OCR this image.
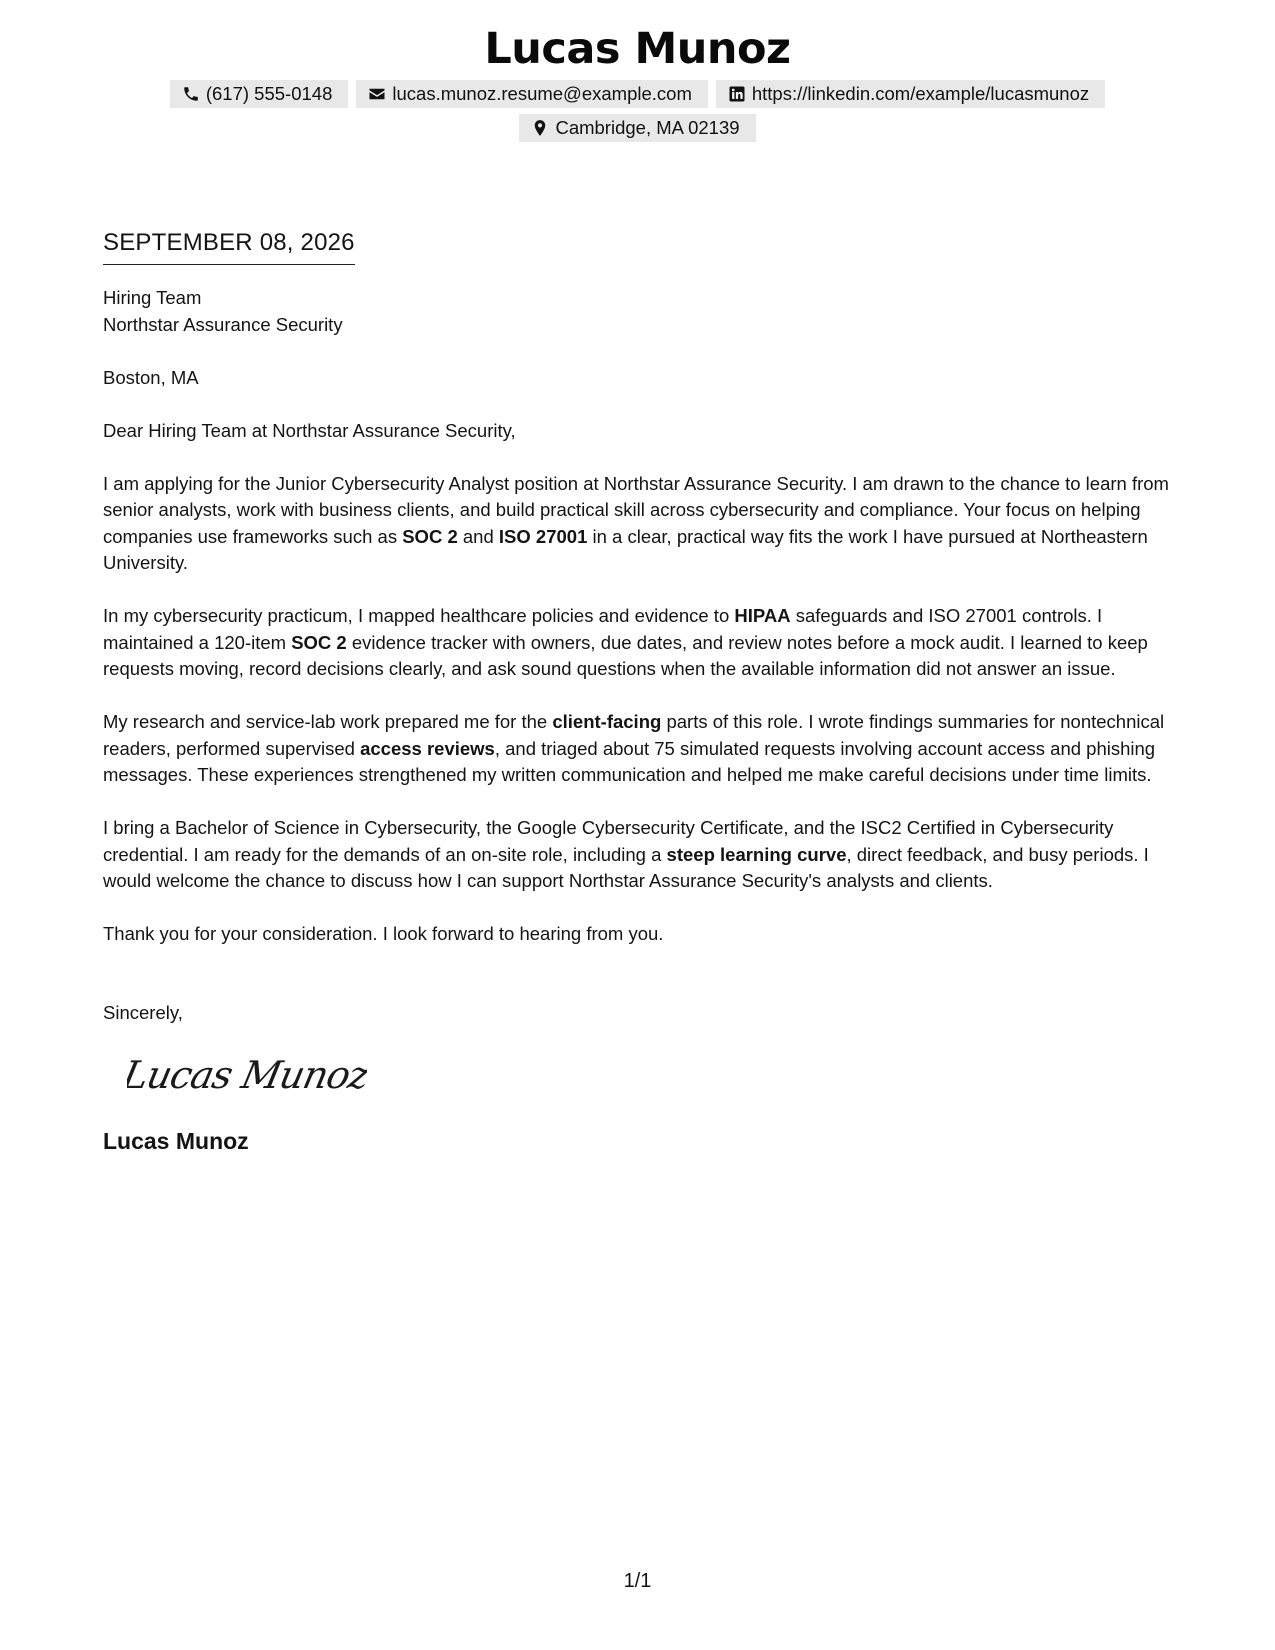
Lucas Munoz
(617) 555-0148	lucas.munoz.resume@example.com	https://linkedin.com/example/lucasmunoz
Cambridge, MA 02139
SEPTEMBER 08, 2026
Hiring Team
Northstar Assurance Security
Boston, MA

Dear Hiring Team at Northstar Assurance Security,

I am applying for the Junior Cybersecurity Analyst position at Northstar Assurance Security. I am drawn to the chance to learn from senior analysts, work with business clients, and build practical skill across cybersecurity and compliance. Your focus on helping companies use frameworks such as SOC 2 and ISO 27001 in a clear, practical way fits the work I have pursued at Northeastern University.

In my cybersecurity practicum, I mapped healthcare policies and evidence to HIPAA safeguards and ISO 27001 controls. I maintained a 120-item SOC 2 evidence tracker with owners, due dates, and review notes before a mock audit. I learned to keep requests moving, record decisions clearly, and ask sound questions when the available information did not answer an issue.

My research and service-lab work prepared me for the client-facing parts of this role. I wrote findings summaries for nontechnical readers, performed supervised access reviews, and triaged about 75 simulated requests involving account access and phishing messages. These experiences strengthened my written communication and helped me make careful decisions under time limits.

I bring a Bachelor of Science in Cybersecurity, the Google Cybersecurity Certificate, and the ISC2 Certified in Cybersecurity credential. I am ready for the demands of an on-site role, including a steep learning curve, direct feedback, and busy periods. I would welcome the chance to discuss how I can support Northstar Assurance Security's analysts and clients.

Thank you for your consideration. I look forward to hearing from you.

Sincerely,
Lucas Munoz
Lucas Munoz
1/1
